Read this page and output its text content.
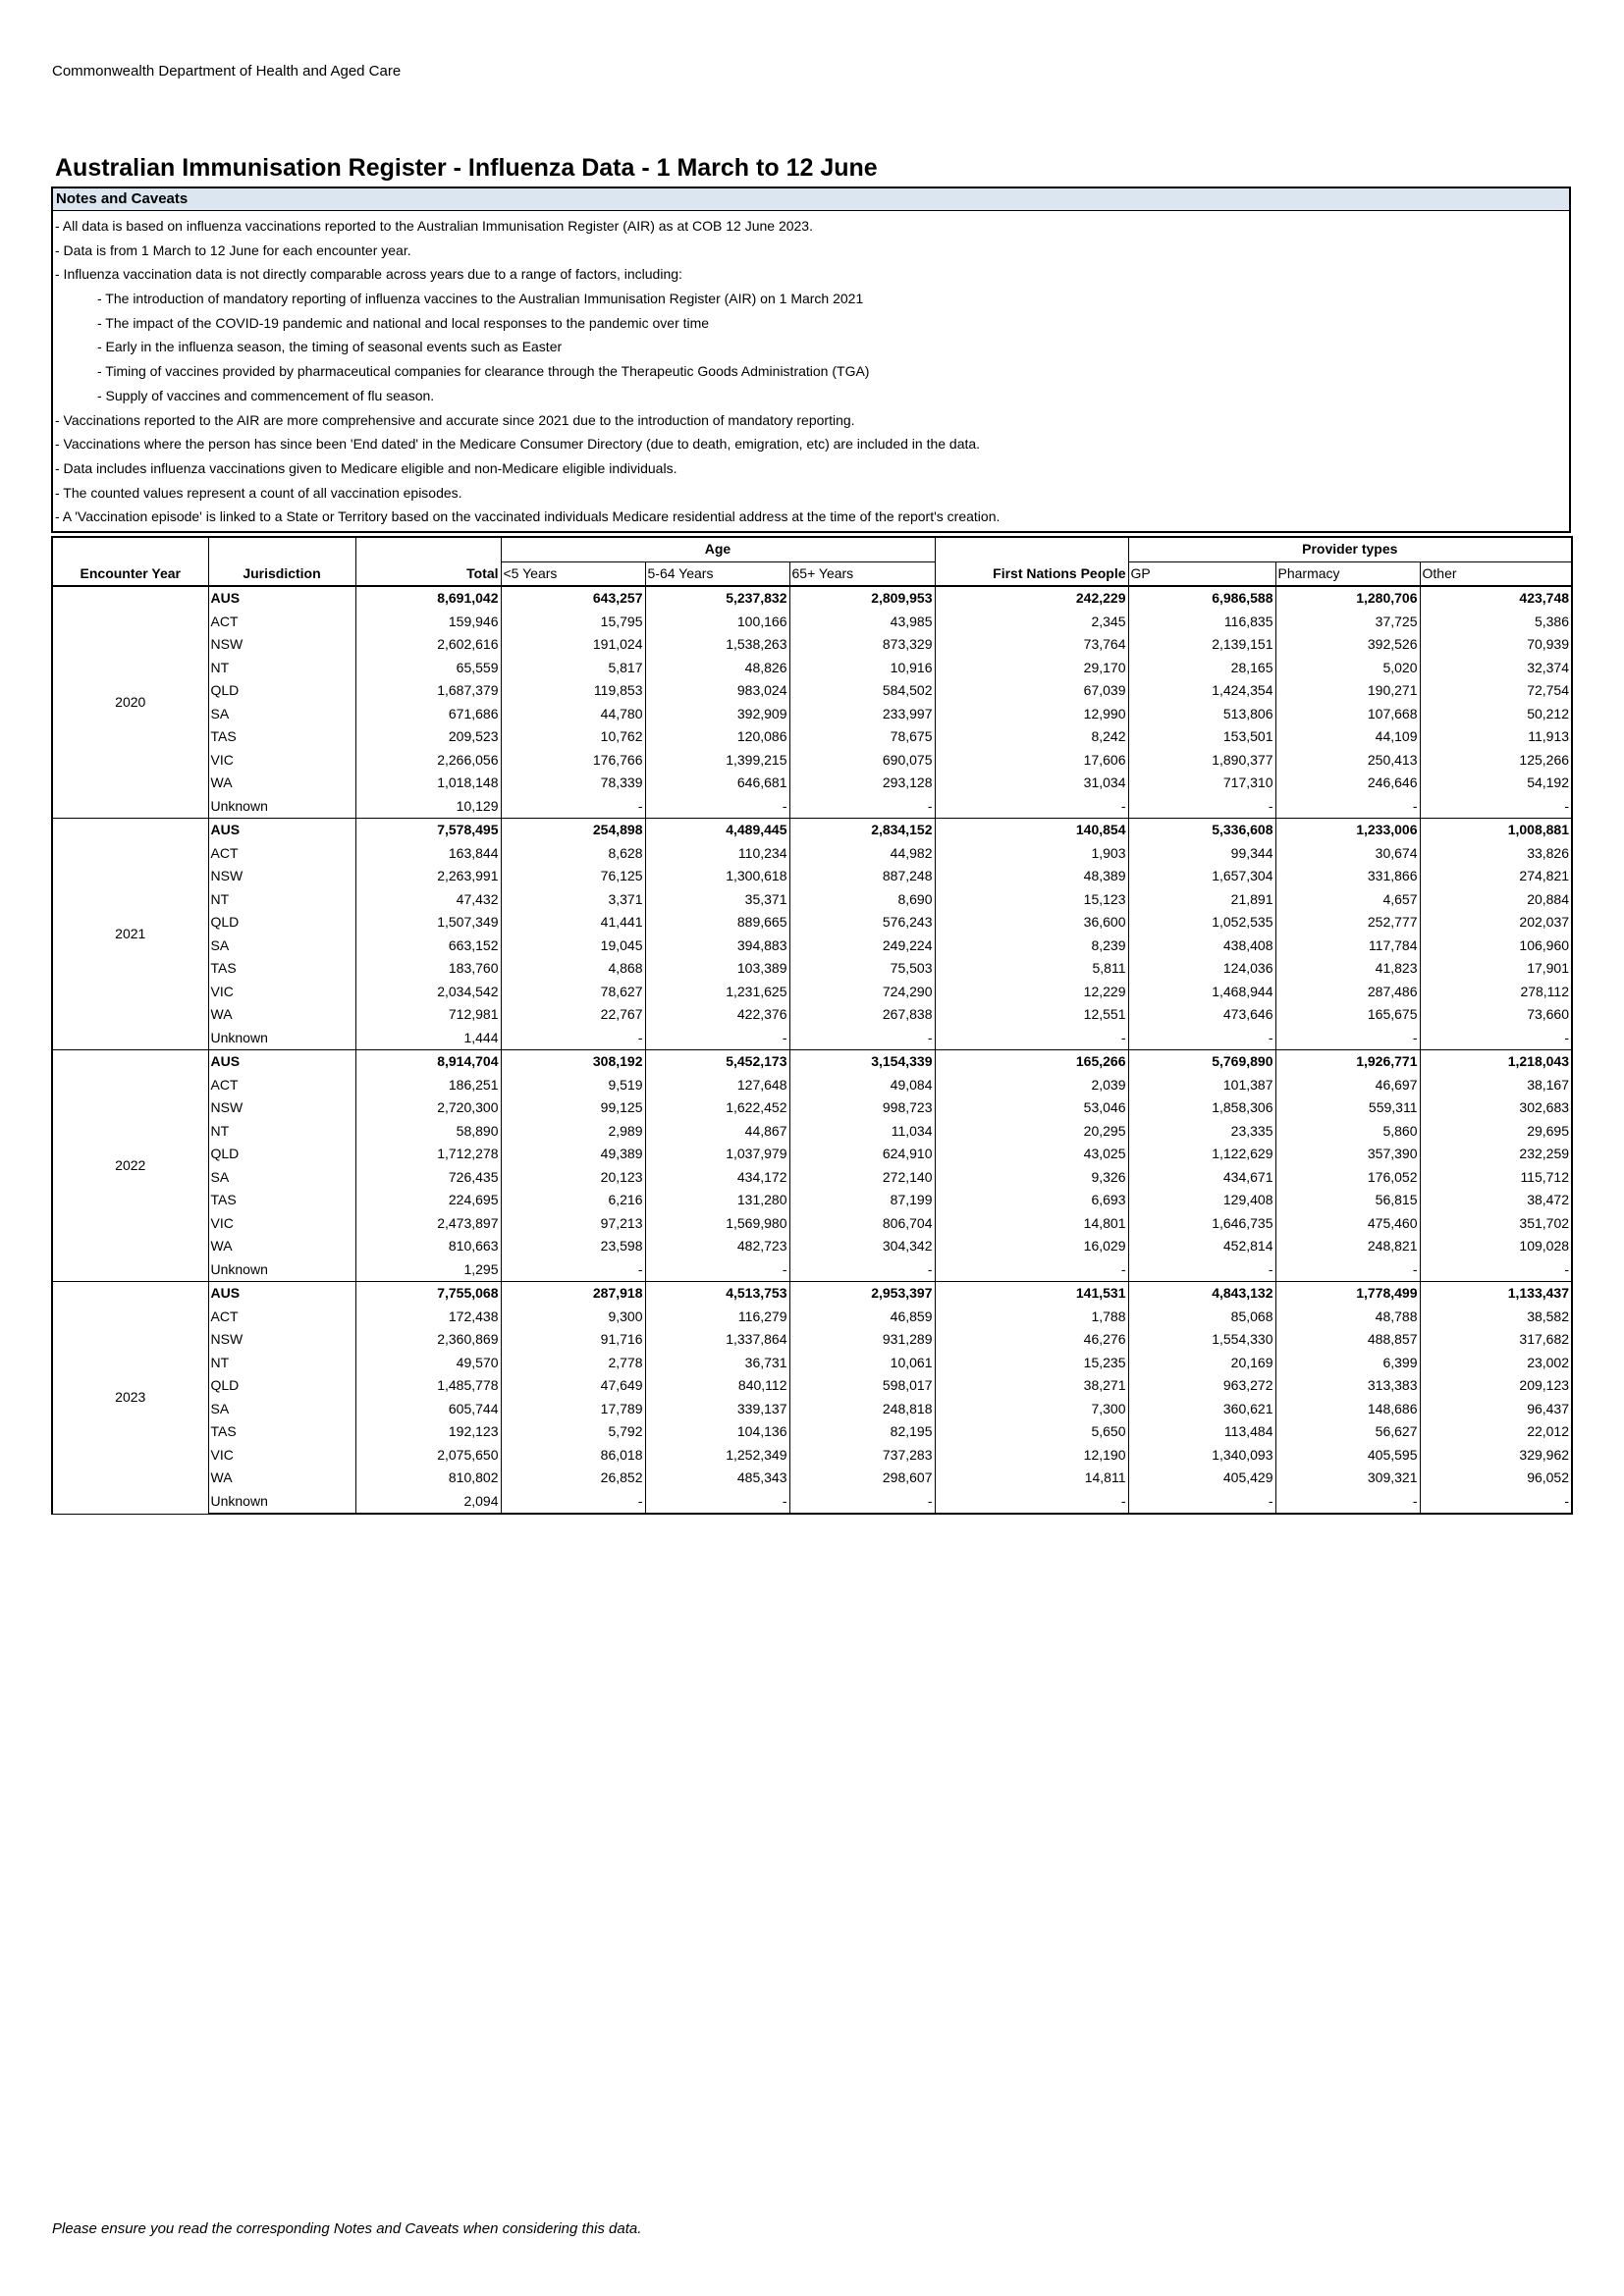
Commonwealth Department of Health and Aged Care
Australian Immunisation Register - Influenza Data - 1 March to 12 June
Notes and Caveats
- All data is based on influenza vaccinations reported to the Australian Immunisation Register (AIR) as at COB 12 June 2023.
- Data is from 1 March to 12 June for each encounter year.
- Influenza vaccination data is not directly comparable across years due to a range of factors, including:
- The introduction of mandatory reporting of influenza vaccines to the Australian Immunisation Register (AIR) on 1 March 2021
- The impact of the COVID-19 pandemic and national and local responses to the pandemic over time
- Early in the influenza season, the timing of seasonal events such as Easter
- Timing of vaccines provided by pharmaceutical companies for clearance through the Therapeutic Goods Administration (TGA)
- Supply of vaccines and commencement of flu season.
- Vaccinations reported to the AIR are more comprehensive and accurate since 2021 due to the introduction of mandatory reporting.
- Vaccinations where the person has since been 'End dated' in the Medicare Consumer Directory (due to death, emigration, etc) are included in the data.
- Data includes influenza vaccinations given to Medicare eligible and non-Medicare eligible individuals.
- The counted values represent a count of all vaccination episodes.
- A 'Vaccination episode' is linked to a State or Territory based on the vaccinated individuals Medicare residential address at the time of the report's creation.
			Age				Provider types		
Encounter Year	Jurisdiction	Total	<5 Years	5-64 Years	65+ Years	First Nations People	GP	Pharmacy	Other
2020	AUS	8,691,042	643,257	5,237,832	2,809,953	242,229	6,986,588	1,280,706	423,748
	ACT	159,946	15,795	100,166	43,985	2,345	116,835	37,725	5,386
	NSW	2,602,616	191,024	1,538,263	873,329	73,764	2,139,151	392,526	70,939
	NT	65,559	5,817	48,826	10,916	29,170	28,165	5,020	32,374
	QLD	1,687,379	119,853	983,024	584,502	67,039	1,424,354	190,271	72,754
	SA	671,686	44,780	392,909	233,997	12,990	513,806	107,668	50,212
	TAS	209,523	10,762	120,086	78,675	8,242	153,501	44,109	11,913
	VIC	2,266,056	176,766	1,399,215	690,075	17,606	1,890,377	250,413	125,266
	WA	1,018,148	78,339	646,681	293,128	31,034	717,310	246,646	54,192
	Unknown	10,129	-	-	-	-	-	-	-
2021	AUS	7,578,495	254,898	4,489,445	2,834,152	140,854	5,336,608	1,233,006	1,008,881
	ACT	163,844	8,628	110,234	44,982	1,903	99,344	30,674	33,826
	NSW	2,263,991	76,125	1,300,618	887,248	48,389	1,657,304	331,866	274,821
	NT	47,432	3,371	35,371	8,690	15,123	21,891	4,657	20,884
	QLD	1,507,349	41,441	889,665	576,243	36,600	1,052,535	252,777	202,037
	SA	663,152	19,045	394,883	249,224	8,239	438,408	117,784	106,960
	TAS	183,760	4,868	103,389	75,503	5,811	124,036	41,823	17,901
	VIC	2,034,542	78,627	1,231,625	724,290	12,229	1,468,944	287,486	278,112
	WA	712,981	22,767	422,376	267,838	12,551	473,646	165,675	73,660
	Unknown	1,444	-	-	-	-	-	-	-
2022	AUS	8,914,704	308,192	5,452,173	3,154,339	165,266	5,769,890	1,926,771	1,218,043
	ACT	186,251	9,519	127,648	49,084	2,039	101,387	46,697	38,167
	NSW	2,720,300	99,125	1,622,452	998,723	53,046	1,858,306	559,311	302,683
	NT	58,890	2,989	44,867	11,034	20,295	23,335	5,860	29,695
	QLD	1,712,278	49,389	1,037,979	624,910	43,025	1,122,629	357,390	232,259
	SA	726,435	20,123	434,172	272,140	9,326	434,671	176,052	115,712
	TAS	224,695	6,216	131,280	87,199	6,693	129,408	56,815	38,472
	VIC	2,473,897	97,213	1,569,980	806,704	14,801	1,646,735	475,460	351,702
	WA	810,663	23,598	482,723	304,342	16,029	452,814	248,821	109,028
	Unknown	1,295	-	-	-	-	-	-	-
2023	AUS	7,755,068	287,918	4,513,753	2,953,397	141,531	4,843,132	1,778,499	1,133,437
	ACT	172,438	9,300	116,279	46,859	1,788	85,068	48,788	38,582
	NSW	2,360,869	91,716	1,337,864	931,289	46,276	1,554,330	488,857	317,682
	NT	49,570	2,778	36,731	10,061	15,235	20,169	6,399	23,002
	QLD	1,485,778	47,649	840,112	598,017	38,271	963,272	313,383	209,123
	SA	605,744	17,789	339,137	248,818	7,300	360,621	148,686	96,437
	TAS	192,123	5,792	104,136	82,195	5,650	113,484	56,627	22,012
	VIC	2,075,650	86,018	1,252,349	737,283	12,190	1,340,093	405,595	329,962
	WA	810,802	26,852	485,343	298,607	14,811	405,429	309,321	96,052
	Unknown	2,094	-	-	-	-	-	-	-
Please ensure you read the corresponding Notes and Caveats when considering this data.
